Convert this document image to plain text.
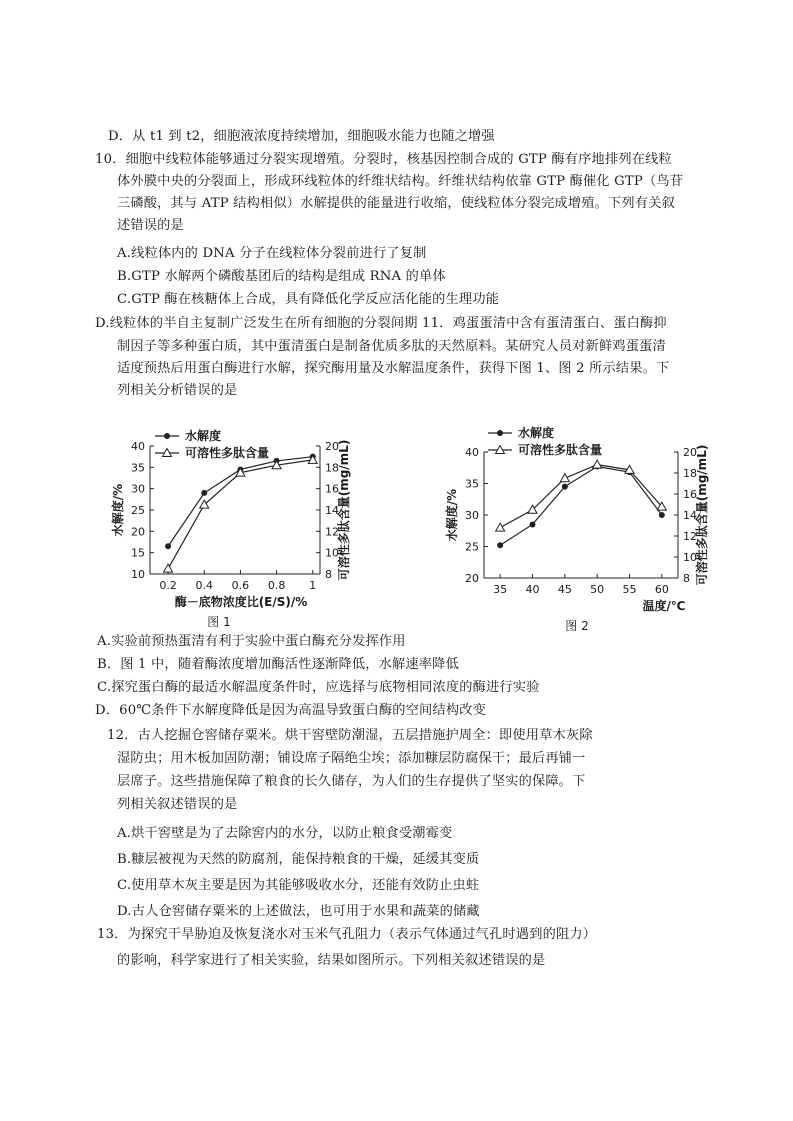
D．从 t1 到 t2，细胞液浓度持续增加，细胞吸水能力也随之增强
10．细胞中线粒体能够通过分裂实现增殖。分裂时，核基因控制合成的 GTP 酶有序地排列在线粒
体外膜中央的分裂面上，形成环线粒体的纤维状结构。纤维状结构依靠 GTP 酶催化 GTP（鸟苷
三磷酸，其与 ATP 结构相似）水解提供的能量进行收缩，使线粒体分裂完成增殖。下列有关叙
述错误的是
A.线粒体内的 DNA 分子在线粒体分裂前进行了复制
B.GTP 水解两个磷酸基团后的结构是组成 RNA 的单体
C.GTP 酶在核糖体上合成，具有降低化学反应活化能的生理功能
D.线粒体的半自主复制广泛发生在所有细胞的分裂间期 11．鸡蛋蛋清中含有蛋清蛋白、蛋白酶抑
制因子等多种蛋白质，其中蛋清蛋白是制备优质多肽的天然原料。某研究人员对新鲜鸡蛋蛋清
适度预热后用蛋白酶进行水解，探究酶用量及水解温度条件，获得下图 1、图 2 所示结果。下
列相关分析错误的是
10
15
20
25
30
35
40
8
10
12
14
16
18
20
0.2 0.4 0.6 0.8 1
酶－底物浓度比(E/S)/%
水解度/%	可溶性多肽含量(mg/mL)
水解度
可溶性多肽含量
图 1
20
25
30
35
40
8
10
12
14
16
18
20
35 40 45 50 55 60
温度/℃
水解度/%	可溶性多肽含量(mg/mL)
水解度
可溶性多肽含量
图 2
A.实验前预热蛋清有利于实验中蛋白酶充分发挥作用
B．图 1 中，随着酶浓度增加酶活性逐渐降低，水解速率降低
C.探究蛋白酶的最适水解温度条件时，应选择与底物相同浓度的酶进行实验
D．60℃条件下水解度降低是因为高温导致蛋白酶的空间结构改变
12．古人挖掘仓窖储存粟米。烘干窖壁防潮湿，五层措施护周全：即使用草木灰除
湿防虫；用木板加固防潮；铺设席子隔绝尘埃；添加糠层防腐保干；最后再铺一
层席子。这些措施保障了粮食的长久储存，为人们的生存提供了坚实的保障。下
列相关叙述错误的是
A.烘干窖壁是为了去除窖内的水分，以防止粮食受潮霉变
B.糠层被视为天然的防腐剂，能保持粮食的干燥，延缓其变质
C.使用草木灰主要是因为其能够吸收水分，还能有效防止虫蛀
D.古人仓窖储存粟米的上述做法，也可用于水果和蔬菜的储藏
13．为探究干旱胁迫及恢复浇水对玉米气孔阻力（表示气体通过气孔时遇到的阻力）
的影响，科学家进行了相关实验，结果如图所示。下列相关叙述错误的是
